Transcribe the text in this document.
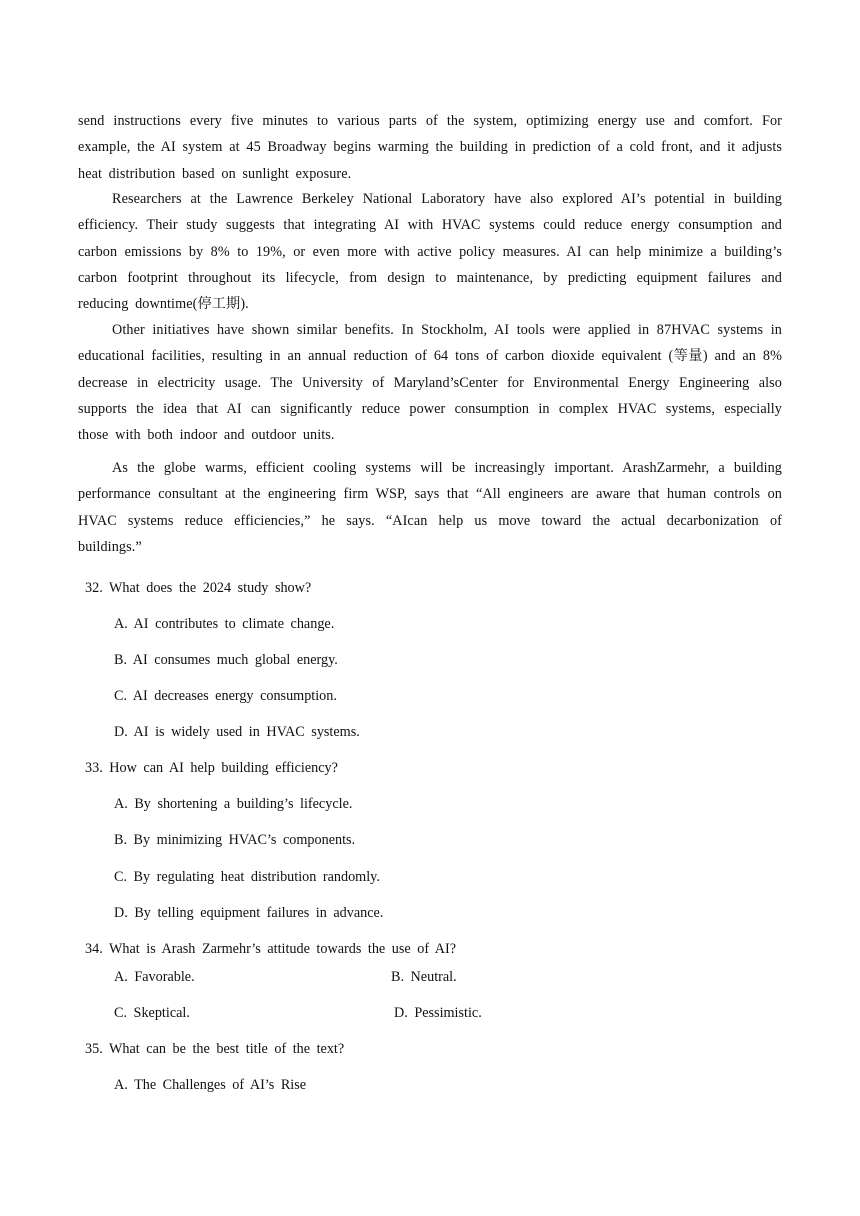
send instructions every five minutes to various parts of the system, optimizing energy use and comfort. For example, the AI system at 45 Broadway begins warming the building in prediction of a cold front, and it adjusts heat distribution based on sunlight exposure.

Researchers at the Lawrence Berkeley National Laboratory have also explored AI’s potential in building efficiency. Their study suggests that integrating AI with HVAC systems could reduce energy consumption and carbon emissions by 8% to 19%, or even more with active policy measures. AI can help minimize a building’s carbon footprint throughout its lifecycle, from design to maintenance, by predicting equipment failures and reducing downtime(停工期).

Other initiatives have shown similar benefits. In Stockholm, AI tools were applied in 87HVAC systems in educational facilities, resulting in an annual reduction of 64 tons of carbon dioxide equivalent (等量) and an 8% decrease in electricity usage. The University of Maryland’sCenter for Environmental Energy Engineering also supports the idea that AI can significantly reduce power consumption in complex HVAC systems, especially those with both indoor and outdoor units.

As the globe warms, efficient cooling systems will be increasingly important. ArashZarmehr, a building performance consultant at the engineering firm WSP, says that “All engineers are aware that human controls on HVAC systems reduce efficiencies,” he says. “AIcan help us move toward the actual decarbonization of buildings.”

32. What does the 2024 study show?
A. AI contributes to climate change.
B. AI consumes much global energy.
C. AI decreases energy consumption.
D. AI is widely used in HVAC systems.
33. How can AI help building efficiency?
A. By shortening a building’s lifecycle.
B. By minimizing HVAC’s components.
C. By regulating heat distribution randomly.
D. By telling equipment failures in advance.
34. What is Arash Zarmehr’s attitude towards the use of AI?
A. Favorable.	B. Neutral.
C. Skeptical.	D. Pessimistic.
35. What can be the best title of the text?
A. The Challenges of AI’s Rise
